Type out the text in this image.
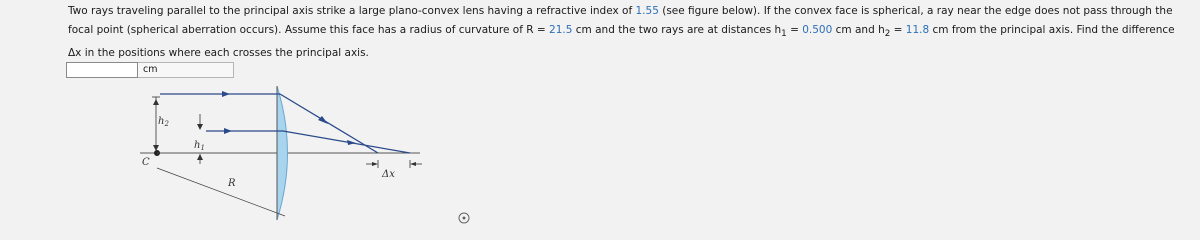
Two rays traveling parallel to the principal axis strike a large plano-convex lens having a refractive index of 1.55 (see figure below). If the convex face is spherical, a ray near the edge does not pass through the focal point (spherical aberration occurs). Assume this face has a radius of curvature of R = 21.5 cm and the two rays are at distances $h_1 = 0.500$ cm and $h_2 = 11.8$ cm from the principal axis. Find the difference Δx in the positions where each crosses the principal axis.
cm
$h_2$
$h_1$
C
R
Δx
